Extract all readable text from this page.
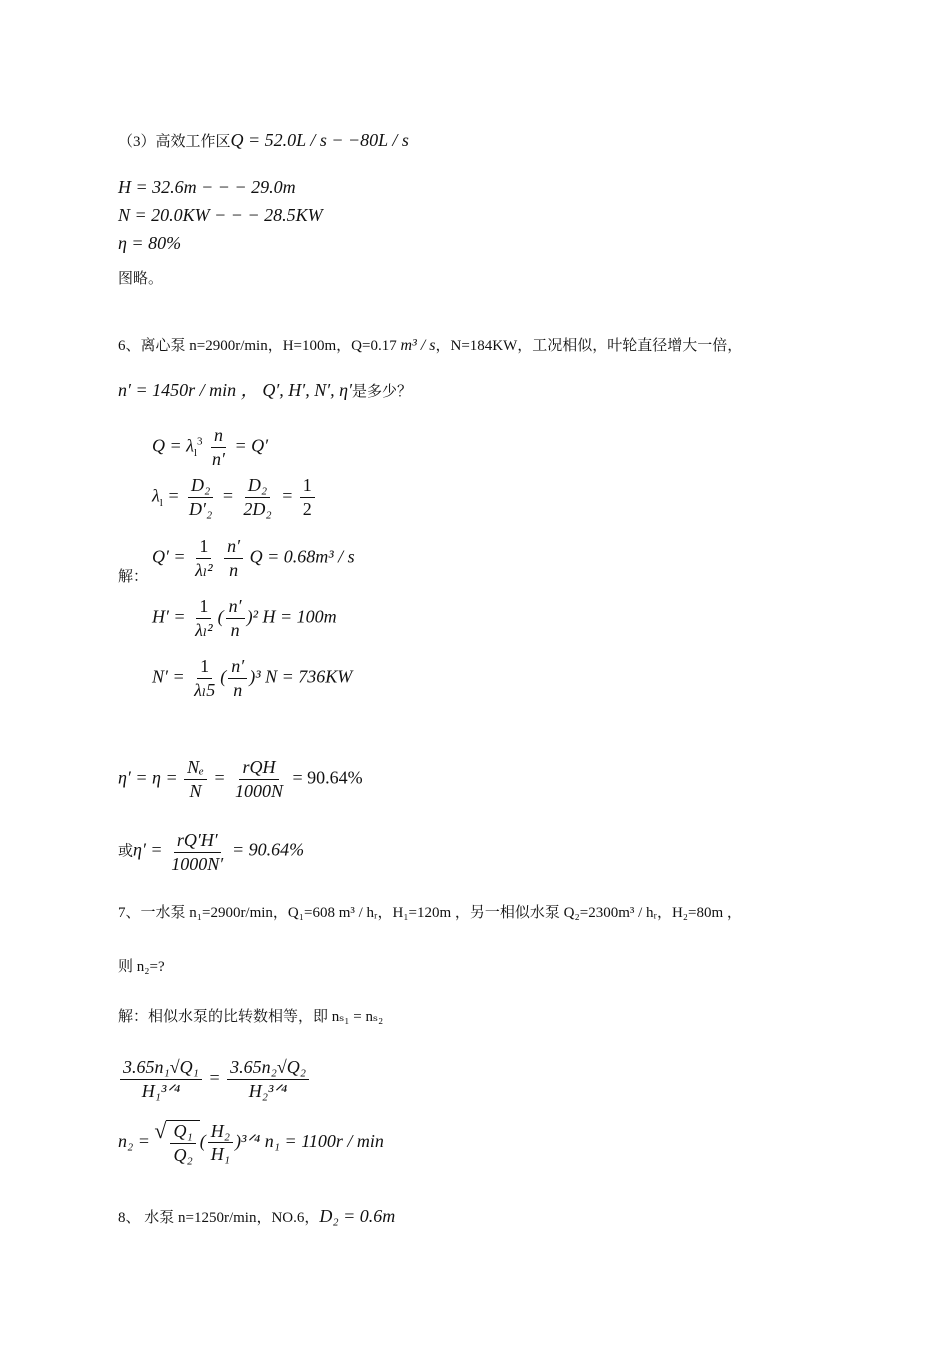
（3）高效工作区Q = 52.0L / s − −80L / s
H = 32.6m − − − 29.0m
N = 20.0KW − − − 28.5KW
η = 80%
图略。
6、离心泵 n=2900r/min，H=100m，Q=0.17 m³ / s，N=184KW，工况相似，叶轮直径增大一倍，
n′ = 1450r / min ， Q′, H′, N′, η′是多少？
解：
$Q = \lambda_l^3 \frac{n}{n'} = Q'$
$\lambda_l = \frac{\text{D₂}}{\text{D′₂}} = \frac{\text{D₂}}{\text{2D₂}} = \frac{1}{2}$
$Q' = \frac{1}{\text{λₗ²}}$
$\frac{n'}{n}$ Q = 0.68m³ / s
$H' = \frac{1}{\text{λₗ²}}$ ( $\frac{n'}{n} )^2$ H = 100m
$N' = \frac{1}{\text{λₗ5}}$ ( $\frac{n'}{n} )^3$ N = 736KW
$\eta' = \eta = \frac{\text{Nₑ}}{N} = \frac{\text{rQH}}{1000N} = 90.64\%$
或$\eta' = \frac{rQ'H'}{1000N'} = 90.64\%$
7、一水泵 n₁=2900r/min，Q₁=608 m³ / hᵣ，H₁=120m ，另一相似水泵 Q₂=2300m³ / hᵣ，H₂=80m ，
则 n₂=?
解：相似水泵的比转数相等，即 nₛ₁ = nₛ₂
$\frac{\text{3.65n₁√Q₁}}{\text{H₁³ᐟ⁴}} = \frac{\text{3.65n₂√Q₂}}{\text{H₂³ᐟ⁴}}$
n₂ = √ $\frac{\text{Q₁}}{\text{Q₂}}$ ( $\frac{\text{H₂}}{\text{H₁}}$ )³ᐟ⁴ n₁ = 1100r / min
8、 水泵 n=1250r/min，NO.6，D₂ = 0.6m
